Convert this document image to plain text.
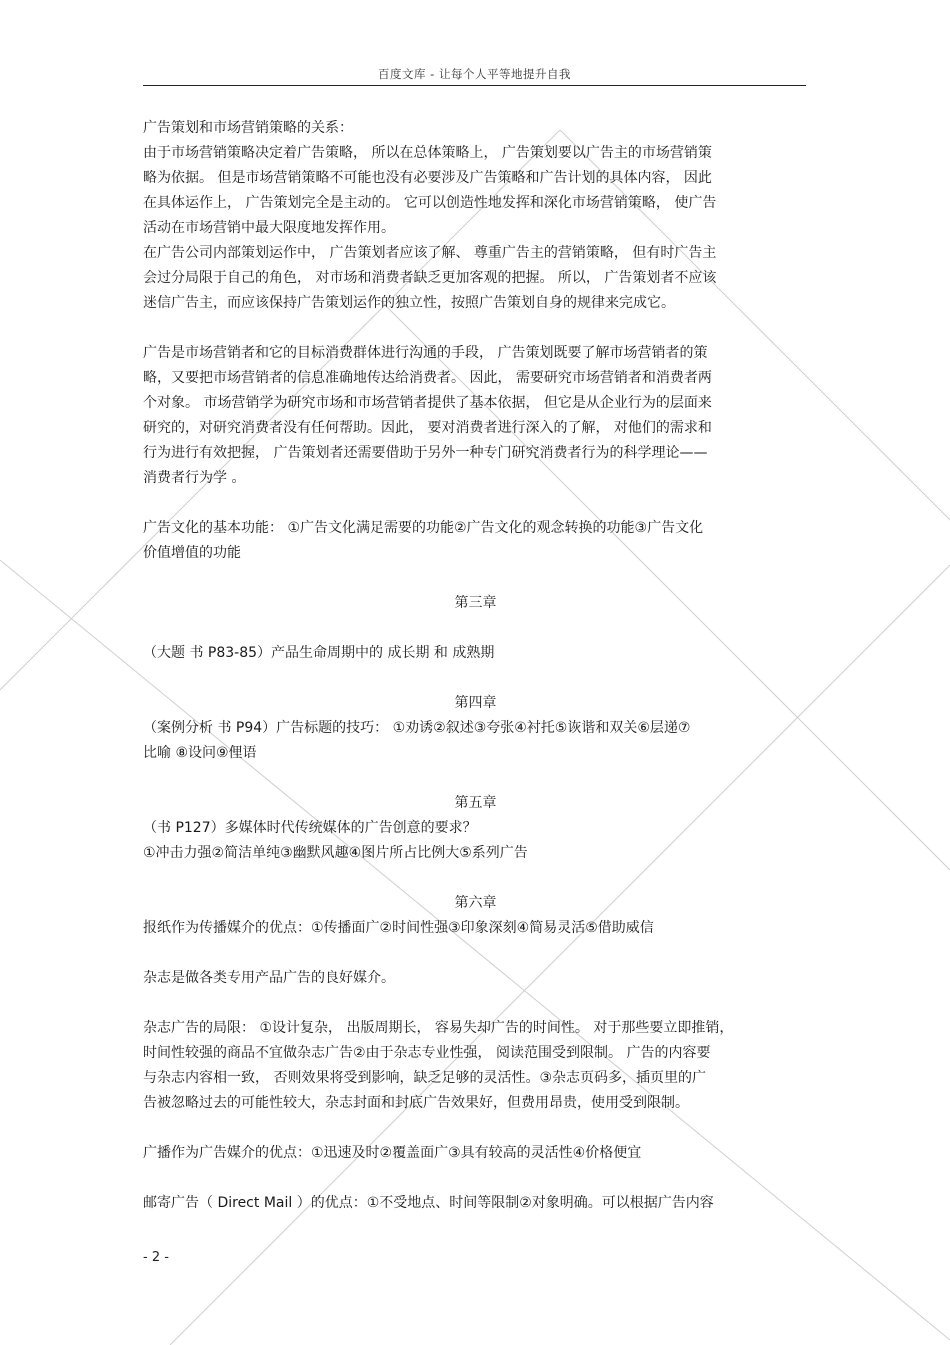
百度文库 - 让每个人平等地提升自我
广告策划和市场营销策略的关系：
由于市场营销策略决定着广告策略， 所以在总体策略上， 广告策划要以广告主的市场营销策
略为依据。 但是市场营销策略不可能也没有必要涉及广告策略和广告计划的具体内容， 因此
在具体运作上， 广告策划完全是主动的。 它可以创造性地发挥和深化市场营销策略， 使广告
活动在市场营销中最大限度地发挥作用。
在广告公司内部策划运作中， 广告策划者应该了解、 尊重广告主的营销策略， 但有时广告主
会过分局限于自己的角色， 对市场和消费者缺乏更加客观的把握。 所以， 广告策划者不应该
迷信广告主，而应该保持广告策划运作的独立性，按照广告策划自身的规律来完成它。
广告是市场营销者和它的目标消费群体进行沟通的手段， 广告策划既要了解市场营销者的策
略，又要把市场营销者的信息准确地传达给消费者。 因此， 需要研究市场营销者和消费者两
个对象。 市场营销学为研究市场和市场营销者提供了基本依据， 但它是从企业行为的层面来
研究的，对研究消费者没有任何帮助。因此， 要对消费者进行深入的了解， 对他们的需求和
行为进行有效把握， 广告策划者还需要借助于另外一种专门研究消费者行为的科学理论——
消费者行为学 。
广告文化的基本功能： ①广告文化满足需要的功能②广告文化的观念转换的功能③广告文化
价值增值的功能
第三章
（大题 书 P83-85）产品生命周期中的 成长期 和 成熟期
第四章
（案例分析 书 P94）广告标题的技巧： ①劝诱②叙述③夸张④衬托⑤诙谐和双关⑥层递⑦
比喻 ⑧设问⑨俚语
第五章
（书 P127）多媒体时代传统媒体的广告创意的要求？
①冲击力强②简洁单纯③幽默风趣④图片所占比例大⑤系列广告
第六章
报纸作为传播媒介的优点：①传播面广②时间性强③印象深刻④简易灵活⑤借助威信
杂志是做各类专用产品广告的良好媒介。
杂志广告的局限： ①设计复杂， 出版周期长， 容易失却广告的时间性。 对于那些要立即推销，
时间性较强的商品不宜做杂志广告②由于杂志专业性强， 阅读范围受到限制。 广告的内容要
与杂志内容相一致， 否则效果将受到影响，缺乏足够的灵活性。③杂志页码多，插页里的广
告被忽略过去的可能性较大，杂志封面和封底广告效果好，但费用昂贵，使用受到限制。
广播作为广告媒介的优点：①迅速及时②覆盖面广③具有较高的灵活性④价格便宜
邮寄广告（ Direct Mail ）的优点：①不受地点、时间等限制②对象明确。可以根据广告内容
- 2 -
